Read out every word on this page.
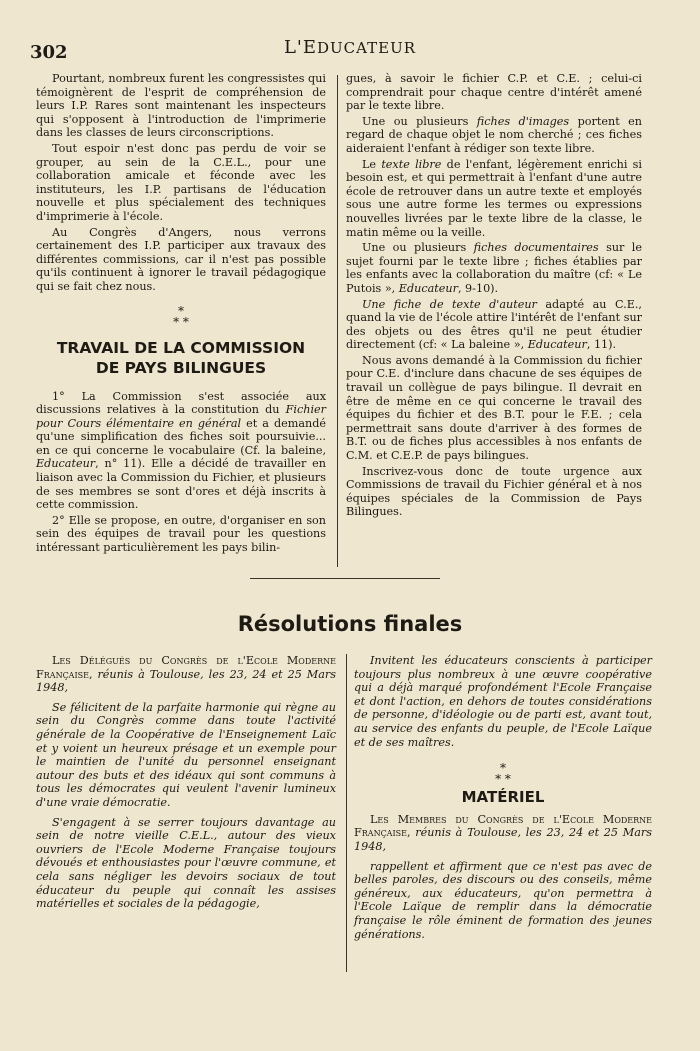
302	L'EDUCATEUR

Pourtant, nombreux furent les congressistes qui témoignèrent de l'esprit de compréhension de leurs I.P. Rares sont maintenant les inspecteurs qui s'opposent à l'introduction de l'imprimerie dans les classes de leurs circonscriptions.

Tout espoir n'est donc pas perdu de voir se grouper, au sein de la C.E.L., pour une collaboration amicale et féconde avec les instituteurs, les I.P. partisans de l'éducation nouvelle et plus spécialement des techniques d'imprimerie à l'école.

Au Congrès d'Angers, nous verrons certainement des I.P. participer aux travaux des différentes commissions, car il n'est pas possible qu'ils continuent à ignorer le travail pédagogique qui se fait chez nous.

*
* *
TRAVAIL DE LA COMMISSION
DE PAYS BILINGUES

1° La Commission s'est associée aux discussions relatives à la constitution du Fichier pour Cours élémentaire en général et a demandé qu'une simplification des fiches soit poursuivie... en ce qui concerne le vocabulaire (Cf. la baleine, Educateur, n° 11). Elle a décidé de travailler en liaison avec la Commission du Fichier, et plusieurs de ses membres se sont d'ores et déjà inscrits à cette commission.

2° Elle se propose, en outre, d'organiser en son sein des équipes de travail pour les questions intéressant particulièrement les pays bilin-

gues, à savoir le fichier C.P. et C.E. ; celui-ci comprendrait pour chaque centre d'intérêt amené par le texte libre.

Une ou plusieurs fiches d'images portent en regard de chaque objet le nom cherché ; ces fiches aideraient l'enfant à rédiger son texte libre.

Le texte libre de l'enfant, légèrement enrichi si besoin est, et qui permettrait à l'enfant d'une autre école de retrouver dans un autre texte et employés sous une autre forme les termes ou expressions nouvelles livrées par le texte libre de la classe, le matin même ou la veille.

Une ou plusieurs fiches documentaires sur le sujet fourni par le texte libre ; fiches établies par les enfants avec la collaboration du maître (cf: « Le Putois », Educateur, 9-10).

Une fiche de texte d'auteur adapté au C.E., quand la vie de l'école attire l'intérêt de l'enfant sur des objets ou des êtres qu'il ne peut étudier directement (cf: « La baleine », Educateur, 11).

Nous avons demandé à la Commission du fichier pour C.E. d'inclure dans chacune de ses équipes de travail un collègue de pays bilingue. Il devrait en être de même en ce qui concerne le travail des équipes du fichier et des B.T. pour le F.E. ; cela permettrait sans doute d'arriver à des formes de B.T. ou de fiches plus accessibles à nos enfants de C.M. et C.E.P. de pays bilingues.

Inscrivez-vous donc de toute urgence aux Commissions de travail du Fichier général et à nos équipes spéciales de la Commission de Pays Bilingues.

Résolutions finales

Les Délégués du Congrès de l'Ecole Moderne Française, réunis à Toulouse, les 23, 24 et 25 Mars 1948,

Se félicitent de la parfaite harmonie qui règne au sein du Congrès comme dans toute l'activité générale de la Coopérative de l'Enseignement Laïc et y voient un heureux présage et un exemple pour le maintien de l'unité du personnel enseignant autour des buts et des idéaux qui sont communs à tous les démocrates qui veulent l'avenir lumineux d'une vraie démocratie.

S'engagent à se serrer toujours davantage au sein de notre vieille C.E.L., autour des vieux ouvriers de l'Ecole Moderne Française toujours dévoués et enthousiastes pour l'œuvre commune, et cela sans négliger les devoirs sociaux de tout éducateur du peuple qui connaît les assises matérielles et sociales de la pédagogie,

Invitent les éducateurs conscients à participer toujours plus nombreux à une œuvre coopérative qui a déjà marqué profondément l'Ecole Française et dont l'action, en dehors de toutes considérations de personne, d'idéologie ou de parti est, avant tout, au service des enfants du peuple, de l'Ecole Laïque et de ses maîtres.

*
* *
MATÉRIEL

Les Membres du Congrès de l'Ecole Moderne Française, réunis à Toulouse, les 23, 24 et 25 Mars 1948,

rappellent et affirment que ce n'est pas avec de belles paroles, des discours ou des conseils, même généreux, aux éducateurs, qu'on permettra à l'Ecole Laïque de remplir dans la démocratie française le rôle éminent de formation des jeunes générations.
